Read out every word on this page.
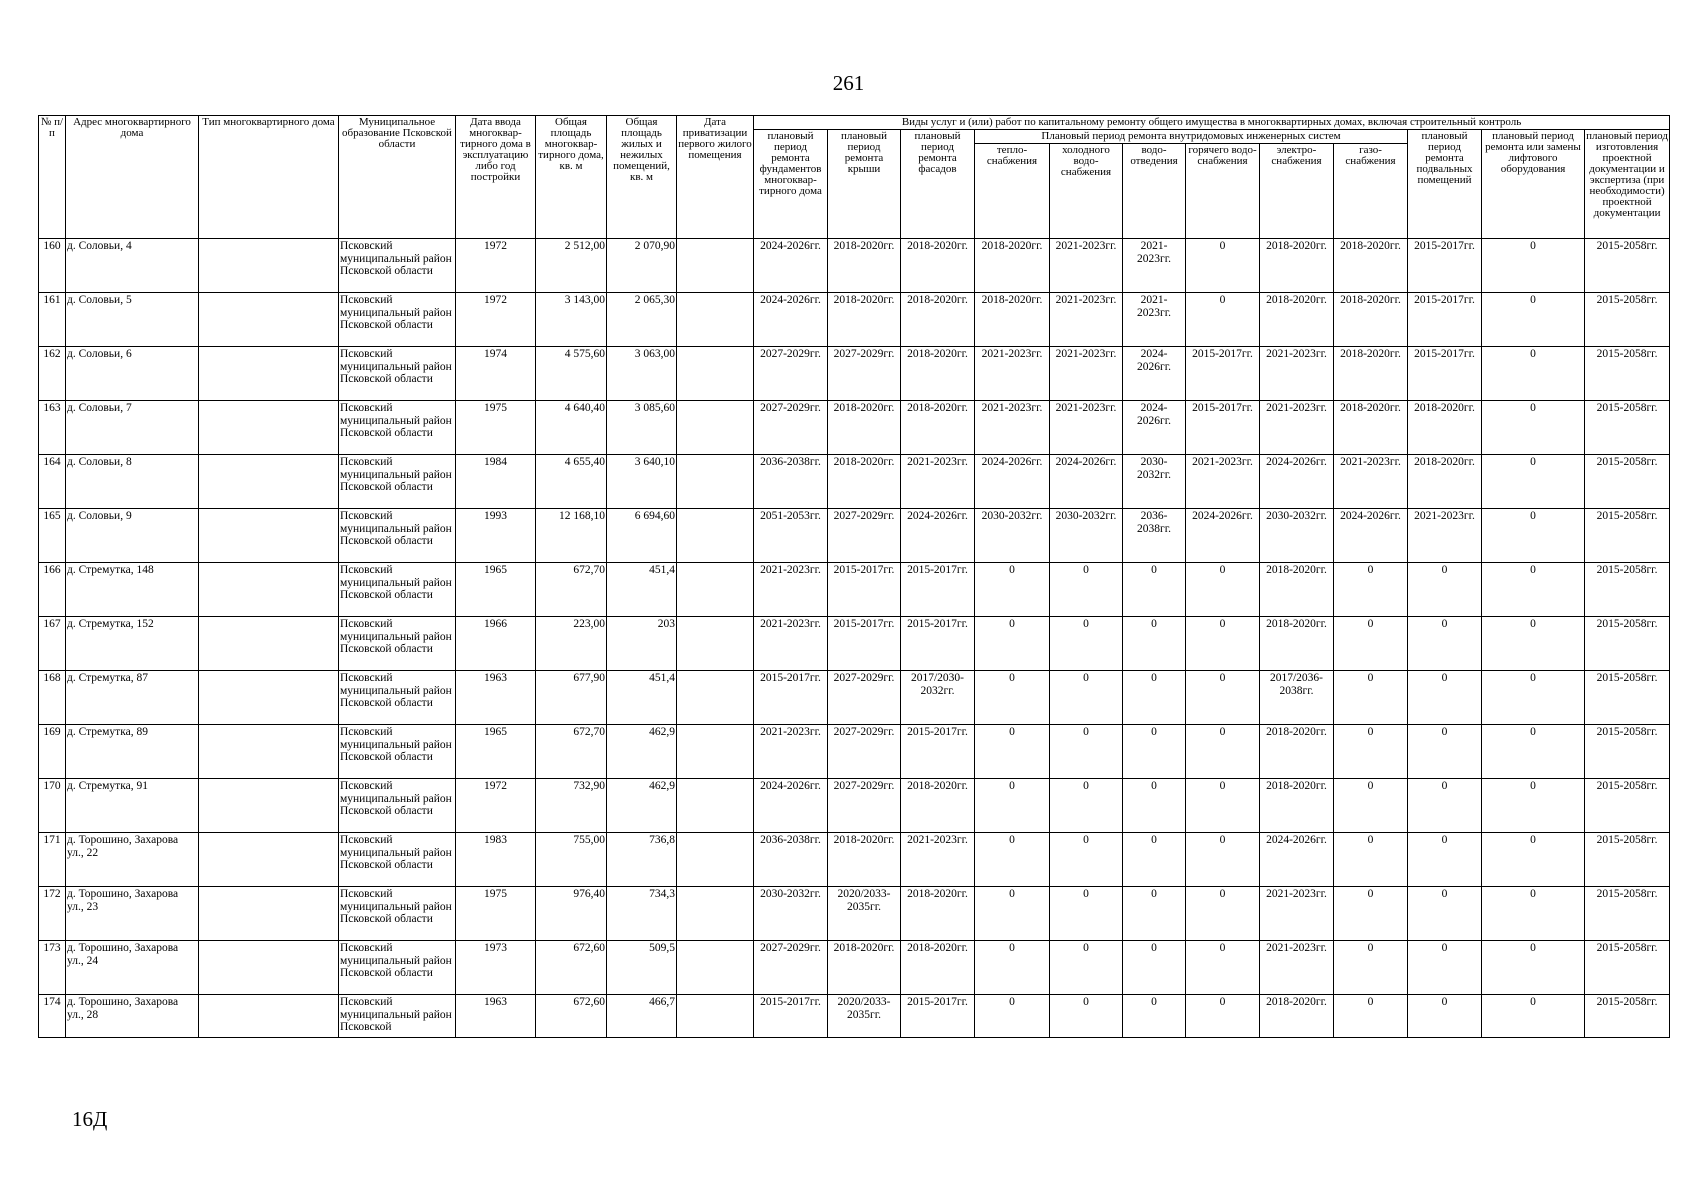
261
№ п/п	Адрес многоквартирного дома	Тип многоквартирного дома	Муниципальное образование Псковской области	Дата ввода многоквар-тирного дома в эксплуатацию либо год постройки	Общая площадь многоквар-тирного дома, кв. м	Общая площадь жилых и нежилых помещений, кв. м	Дата приватизации первого жилого помещения	Виды услуг и (или) работ по капитальному ремонту общего имущества в многоквартирных домах, включая строительный контроль											
								плановый период ремонта фундаментов многоквар-тирного дома	плановый период ремонта крыши	плановый период ремонта фасадов	Плановый период ремонта внутридомовых инженерных систем						плановый период ремонта подвальных помещений	плановый период ремонта или замены лифтового оборудования	плановый период изготовления проектной документации и экспертиза (при необходимости) проектной документации
											тепло-снабжения	холодного водо-снабжения	водо-отведения	горячего водо-снабжения	электро-снабжения	газо-снабжения			
160	д. Соловьи, 4		Псковский муниципальный район Псковской области	1972	2 512,00	2 070,90		2024-2026гг.	2018-2020гг.	2018-2020гг.	2018-2020гг.	2021-2023гг.	2021-2023гг.	0	2018-2020гг.	2018-2020гг.	2015-2017гг.	0	2015-2058гг.
161	д. Соловьи, 5		Псковский муниципальный район Псковской области	1972	3 143,00	2 065,30		2024-2026гг.	2018-2020гг.	2018-2020гг.	2018-2020гг.	2021-2023гг.	2021-2023гг.	0	2018-2020гг.	2018-2020гг.	2015-2017гг.	0	2015-2058гг.
162	д. Соловьи, 6		Псковский муниципальный район Псковской области	1974	4 575,60	3 063,00		2027-2029гг.	2027-2029гг.	2018-2020гг.	2021-2023гг.	2021-2023гг.	2024-2026гг.	2015-2017гг.	2021-2023гг.	2018-2020гг.	2015-2017гг.	0	2015-2058гг.
163	д. Соловьи, 7		Псковский муниципальный район Псковской области	1975	4 640,40	3 085,60		2027-2029гг.	2018-2020гг.	2018-2020гг.	2021-2023гг.	2021-2023гг.	2024-2026гг.	2015-2017гг.	2021-2023гг.	2018-2020гг.	2018-2020гг.	0	2015-2058гг.
164	д. Соловьи, 8		Псковский муниципальный район Псковской области	1984	4 655,40	3 640,10		2036-2038гг.	2018-2020гг.	2021-2023гг.	2024-2026гг.	2024-2026гг.	2030-2032гг.	2021-2023гг.	2024-2026гг.	2021-2023гг.	2018-2020гг.	0	2015-2058гг.
165	д. Соловьи, 9		Псковский муниципальный район Псковской области	1993	12 168,10	6 694,60		2051-2053гг.	2027-2029гг.	2024-2026гг.	2030-2032гг.	2030-2032гг.	2036-2038гг.	2024-2026гг.	2030-2032гг.	2024-2026гг.	2021-2023гг.	0	2015-2058гг.
166	д. Стремутка, 148		Псковский муниципальный район Псковской области	1965	672,70	451,4		2021-2023гг.	2015-2017гг.	2015-2017гг.	0	0	0	0	2018-2020гг.	0	0	0	2015-2058гг.
167	д. Стремутка, 152		Псковский муниципальный район Псковской области	1966	223,00	203		2021-2023гг.	2015-2017гг.	2015-2017гг.	0	0	0	0	2018-2020гг.	0	0	0	2015-2058гг.
168	д. Стремутка, 87		Псковский муниципальный район Псковской области	1963	677,90	451,4		2015-2017гг.	2027-2029гг.	2017/2030-2032гг.	0	0	0	0	2017/2036-2038гг.	0	0	0	2015-2058гг.
169	д. Стремутка, 89		Псковский муниципальный район Псковской области	1965	672,70	462,9		2021-2023гг.	2027-2029гг.	2015-2017гг.	0	0	0	0	2018-2020гг.	0	0	0	2015-2058гг.
170	д. Стремутка, 91		Псковский муниципальный район Псковской области	1972	732,90	462,9		2024-2026гг.	2027-2029гг.	2018-2020гг.	0	0	0	0	2018-2020гг.	0	0	0	2015-2058гг.
171	д. Торошино, Захарова ул., 22		Псковский муниципальный район Псковской области	1983	755,00	736,8		2036-2038гг.	2018-2020гг.	2021-2023гг.	0	0	0	0	2024-2026гг.	0	0	0	2015-2058гг.
172	д. Торошино, Захарова ул., 23		Псковский муниципальный район Псковской области	1975	976,40	734,3		2030-2032гг.	2020/2033-2035гг.	2018-2020гг.	0	0	0	0	2021-2023гг.	0	0	0	2015-2058гг.
173	д. Торошино, Захарова ул., 24		Псковский муниципальный район Псковской области	1973	672,60	509,5		2027-2029гг.	2018-2020гг.	2018-2020гг.	0	0	0	0	2021-2023гг.	0	0	0	2015-2058гг.
174	д. Торошино, Захарова ул., 28		Псковский муниципальный район Псковской	1963	672,60	466,7		2015-2017гг.	2020/2033-2035гг.	2015-2017гг.	0	0	0	0	2018-2020гг.	0	0	0	2015-2058гг.
16Д
